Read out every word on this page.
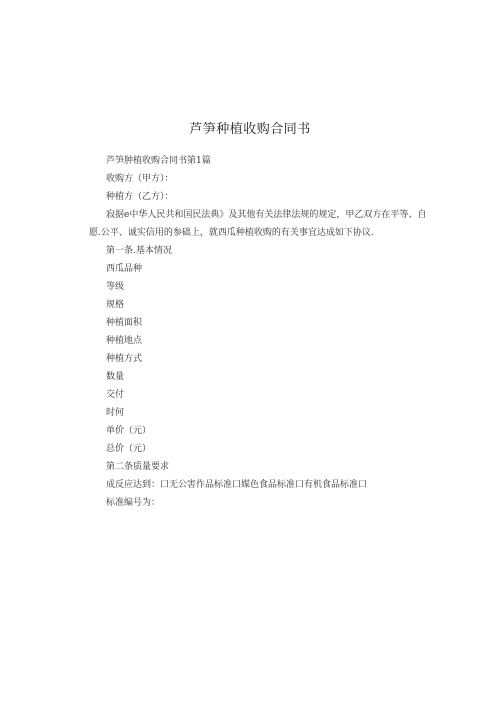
芦笋种植收购合同书
芦笋肿植收购合同书第1篇
收购方（甲方）：
种植方（乙方）：
寂据e中华人民共和国民法典》及其他有关法律法规的规定，甲乙双方在平等、自
愿.公平、诚实信用的参础上，就西瓜种植收购的有关事宜达成如下协议.
第一条.基本情况
西瓜品种
等级
规格
种植面积
种植地点
种植方式
数量
交付
时何
单价（元）
总价（元）
第二条质量要求
成反应达到：口无公害作品标准口媒色食品标准口有机食品标准口
标准编号为：
